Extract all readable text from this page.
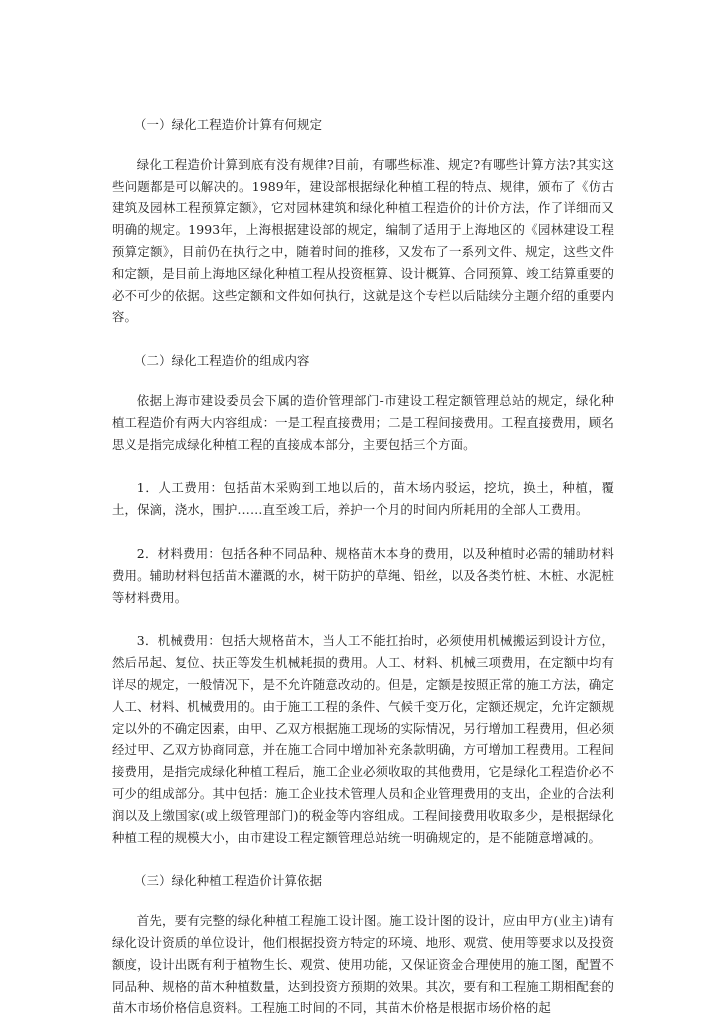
（一）绿化工程造价计算有何规定

绿化工程造价计算到底有没有规律?目前，有哪些标准、规定?有哪些计算方法?其实这些问题都是可以解决的。1989年，建设部根据绿化种植工程的特点、规律，颁布了《仿古建筑及园林工程预算定额》，它对园林建筑和绿化种植工程造价的计价方法，作了详细而又明确的规定。1993年，上海根据建设部的规定，编制了适用于上海地区的《园林建设工程预算定额》，目前仍在执行之中，随着时间的推移，又发布了一系列文件、规定，这些文件和定额，是目前上海地区绿化种植工程从投资框算、设计概算、合同预算、竣工结算重要的必不可少的依据。这些定额和文件如何执行，这就是这个专栏以后陆续分主题介绍的重要内容。

（二）绿化工程造价的组成内容

依据上海市建设委员会下属的造价管理部门-市建设工程定额管理总站的规定，绿化种植工程造价有两大内容组成：一是工程直接费用；二是工程间接费用。工程直接费用，顾名思义是指完成绿化种植工程的直接成本部分，主要包括三个方面。

1．人工费用：包括苗木采购到工地以后的，苗木场内驳运，挖坑，换土，种植，覆土，保滴，浇水，围护……直至竣工后，养护一个月的时间内所耗用的全部人工费用。

2．材料费用：包括各种不同品种、规格苗木本身的费用，以及种植时必需的辅助材料费用。辅助材料包括苗木灌溉的水，树干防护的草绳、铅丝，以及各类竹桩、木桩、水泥桩等材料费用。

3．机械费用：包括大规格苗木，当人工不能扛抬时，必须使用机械搬运到设计方位，然后吊起、复位、扶正等发生机械耗损的费用。人工、材料、机械三项费用，在定额中均有详尽的规定，一般情况下，是不允许随意改动的。但是，定额是按照正常的施工方法，确定人工、材料、机械费用的。由于施工工程的条件、气候千变万化，定额还规定，允许定额规定以外的不确定因素，由甲、乙双方根据施工现场的实际情况，另行增加工程费用，但必须经过甲、乙双方协商同意，并在施工合同中增加补充条款明确，方可增加工程费用。工程间接费用，是指完成绿化种植工程后，施工企业必须收取的其他费用，它是绿化工程造价必不可少的组成部分。其中包括：施工企业技术管理人员和企业管理费用的支出，企业的合法利润以及上缴国家(或上级管理部门)的税金等内容组成。工程间接费用收取多少，是根据绿化种植工程的规模大小，由市建设工程定额管理总站统一明确规定的，是不能随意增减的。

（三）绿化种植工程造价计算依据

首先，要有完整的绿化种植工程施工设计图。施工设计图的设计，应由甲方(业主)请有绿化设计资质的单位设计，他们根据投资方特定的环境、地形、观赏、使用等要求以及投资额度，设计出既有利于植物生长、观赏、使用功能，又保证资金合理使用的施工图，配置不同品种、规格的苗木种植数量，达到投资方预期的效果。其次，要有和工程施工期相配套的苗木市场价格信息资料。工程施工时间的不同，其苗木价格是根据市场价格的起
